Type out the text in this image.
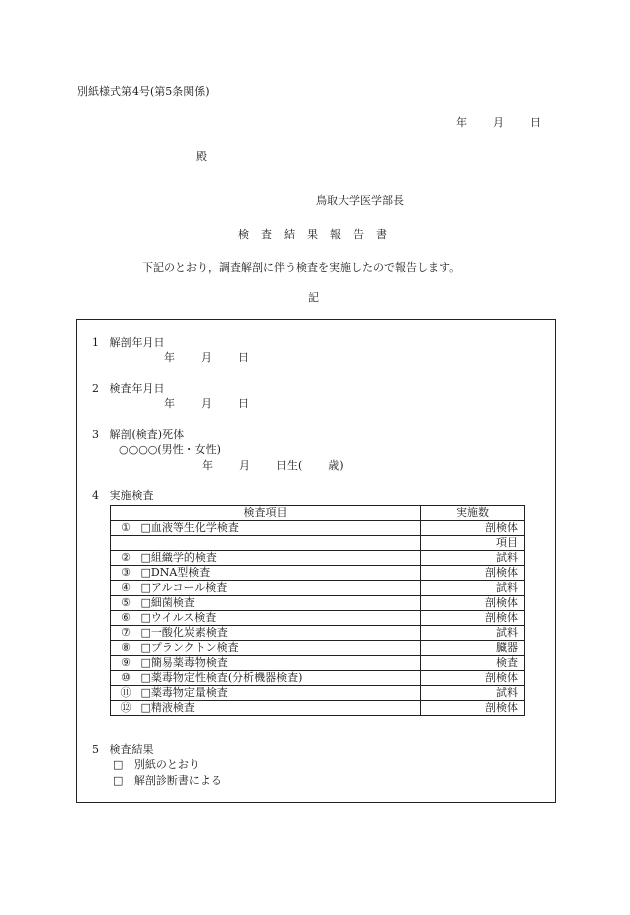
別紙様式第4号(第5条関係)
年 月 日
殿
鳥取大学医学部長
検査結果報告書
下記のとおり，調査解剖に伴う検査を実施したので報告します。
記
1 解剖年月日
年 月 日
2 検査年月日
年 月 日
3 解剖(検査)死体
○○○○(男性・女性)
年 月 日生( 歳)
4 実施検査
検査項目	実施数
① □血液等生化学検査	剖検体
	項目
② □組織学的検査	試料
③ □DNA型検査	剖検体
④ □アルコール検査	試料
⑤ □細菌検査	剖検体
⑥ □ウイルス検査	剖検体
⑦ □一酸化炭素検査	試料
⑧ □プランクトン検査	臓器
⑨ □簡易薬毒物検査	検査
⑩ □薬毒物定性検査(分析機器検査)	剖検体
⑪ □薬毒物定量検査	試料
⑫ □精液検査	剖検体
5 検査結果
□ 別紙のとおり
□ 解剖診断書による
